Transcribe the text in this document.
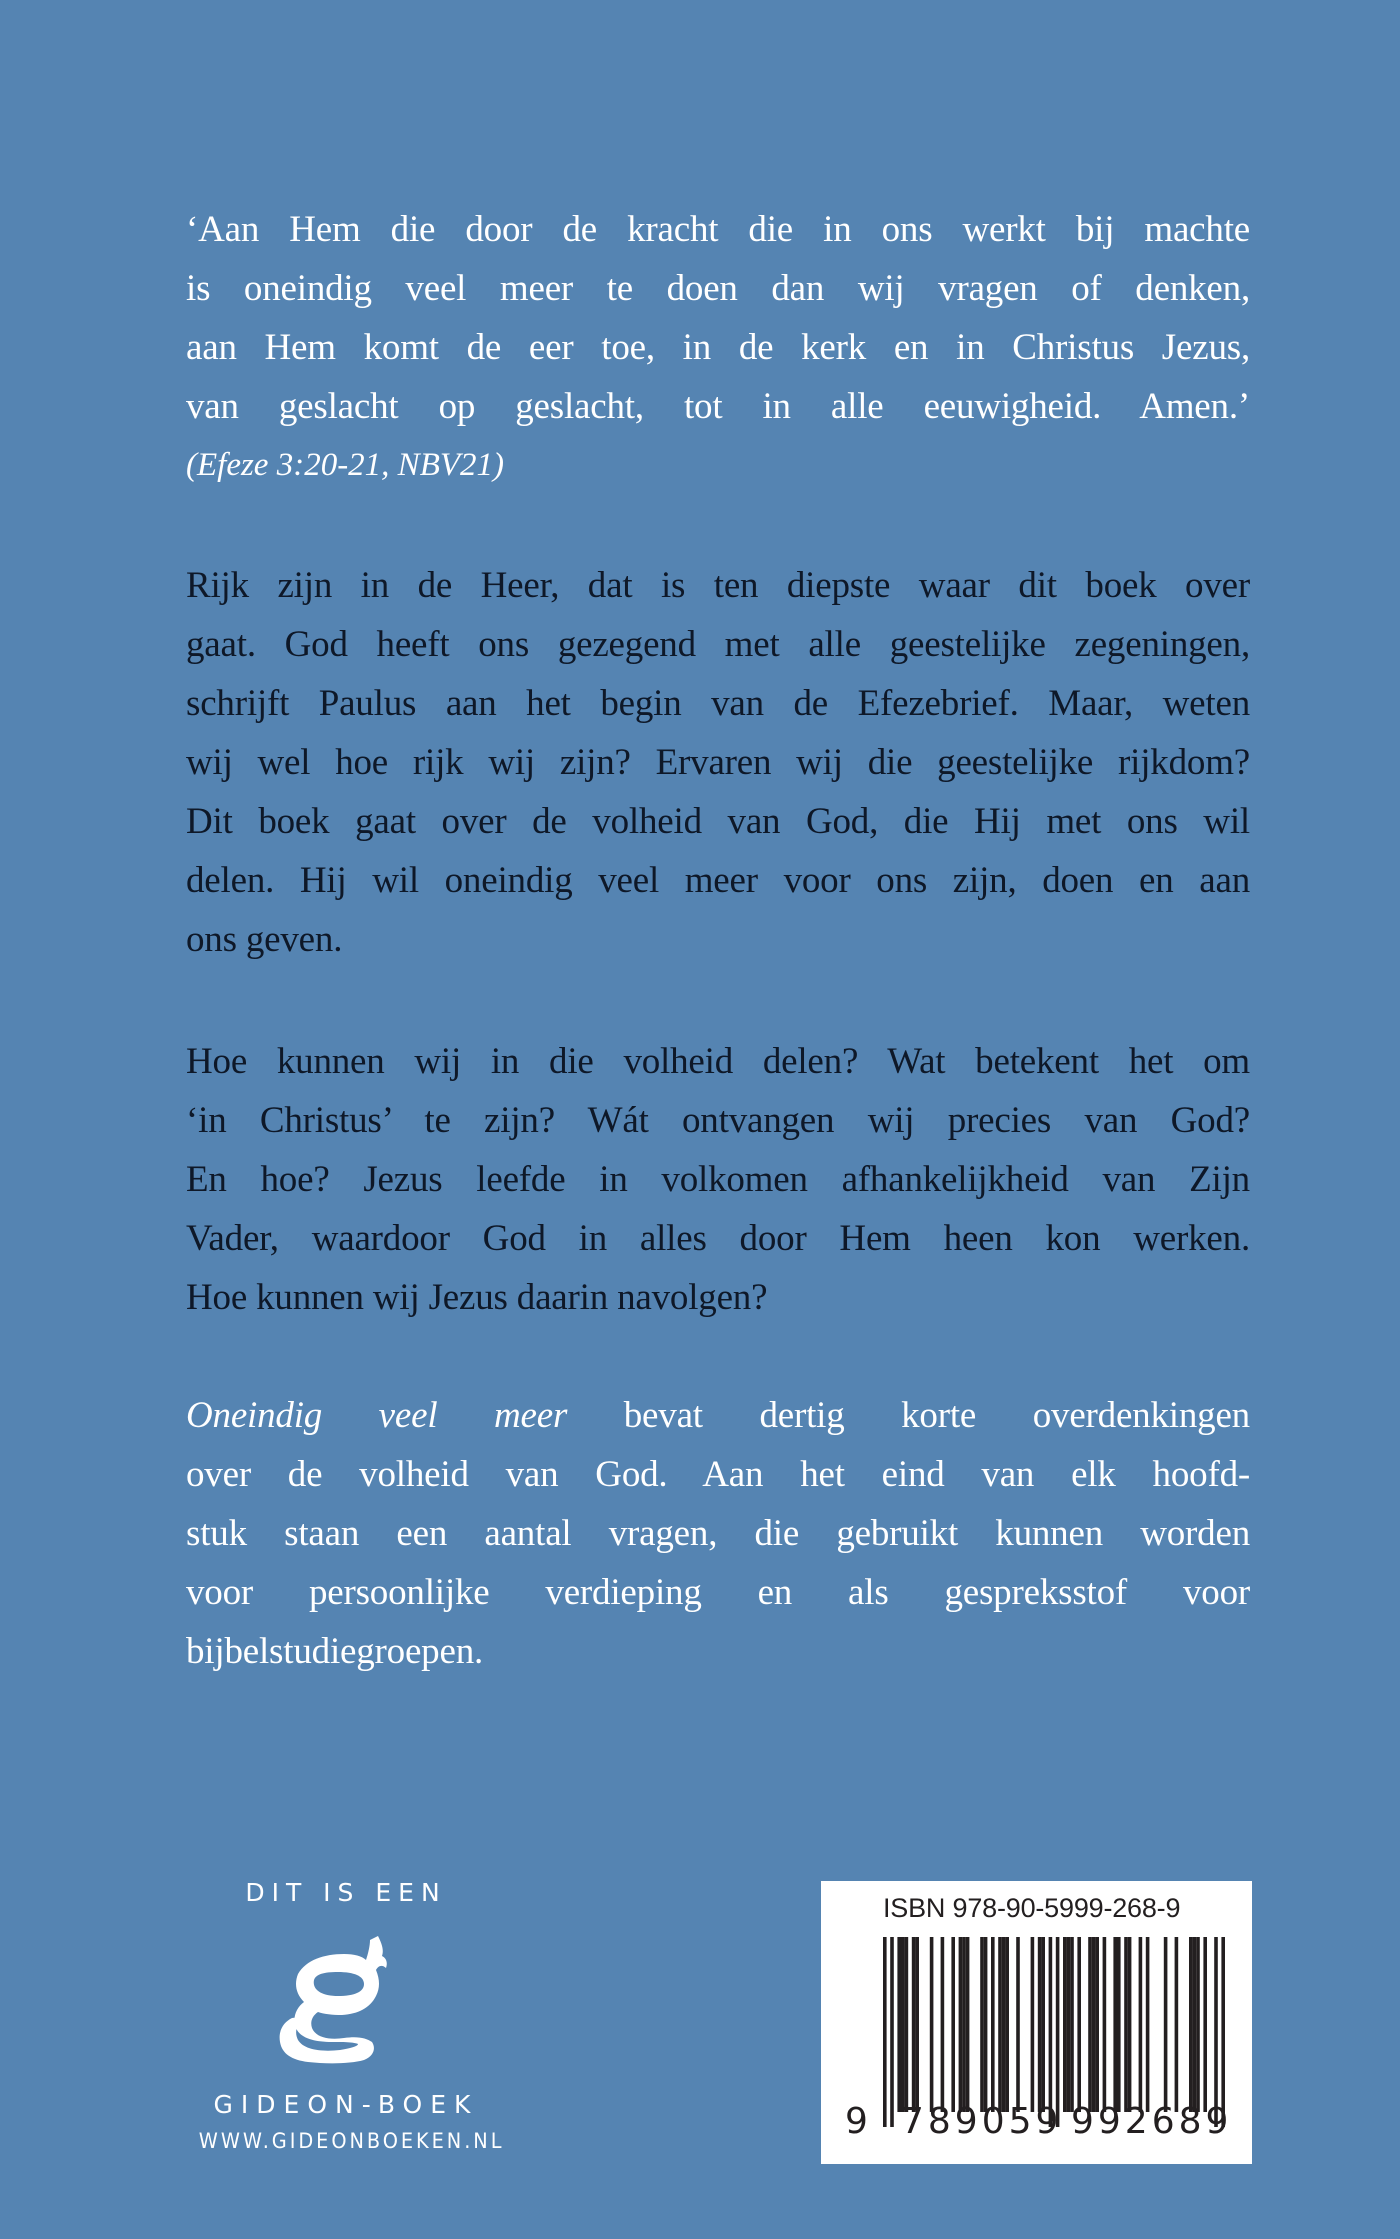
‘Aan Hem die door de kracht die in ons werkt bij machte
is oneindig veel meer te doen dan wij vragen of denken,
aan Hem komt de eer toe, in de kerk en in Christus Jezus,
van geslacht op geslacht, tot in alle eeuwigheid. Amen.’
(Efeze 3:20-21, NBV21)
Rijk zijn in de Heer, dat is ten diepste waar dit boek over
gaat. God heeft ons gezegend met alle geestelijke zegeningen,
schrijft Paulus aan het begin van de Efezebrief. Maar, weten
wij wel hoe rijk wij zijn? Ervaren wij die geestelijke rijkdom?
Dit boek gaat over de volheid van God, die Hij met ons wil
delen. Hij wil oneindig veel meer voor ons zijn, doen en aan
ons geven.
Hoe kunnen wij in die volheid delen? Wat betekent het om
‘in Christus’ te zijn? Wát ontvangen wij precies van God?
En hoe? Jezus leefde in volkomen afhankelijkheid van Zijn
Vader, waardoor God in alles door Hem heen kon werken.
Hoe kunnen wij Jezus daarin navolgen?
Oneindig veel meer bevat dertig korte overdenkingen
over de volheid van God. Aan het eind van elk hoofd-
stuk staan een aantal vragen, die gebruikt kunnen worden
voor persoonlijke verdieping en als gespreksstof voor
bijbelstudiegroepen.
DIT IS EEN
GIDEON-BOEK
WWW.GIDEONBOEKEN.NL
ISBN 978-90-5999-268-9
9 789059 992689
